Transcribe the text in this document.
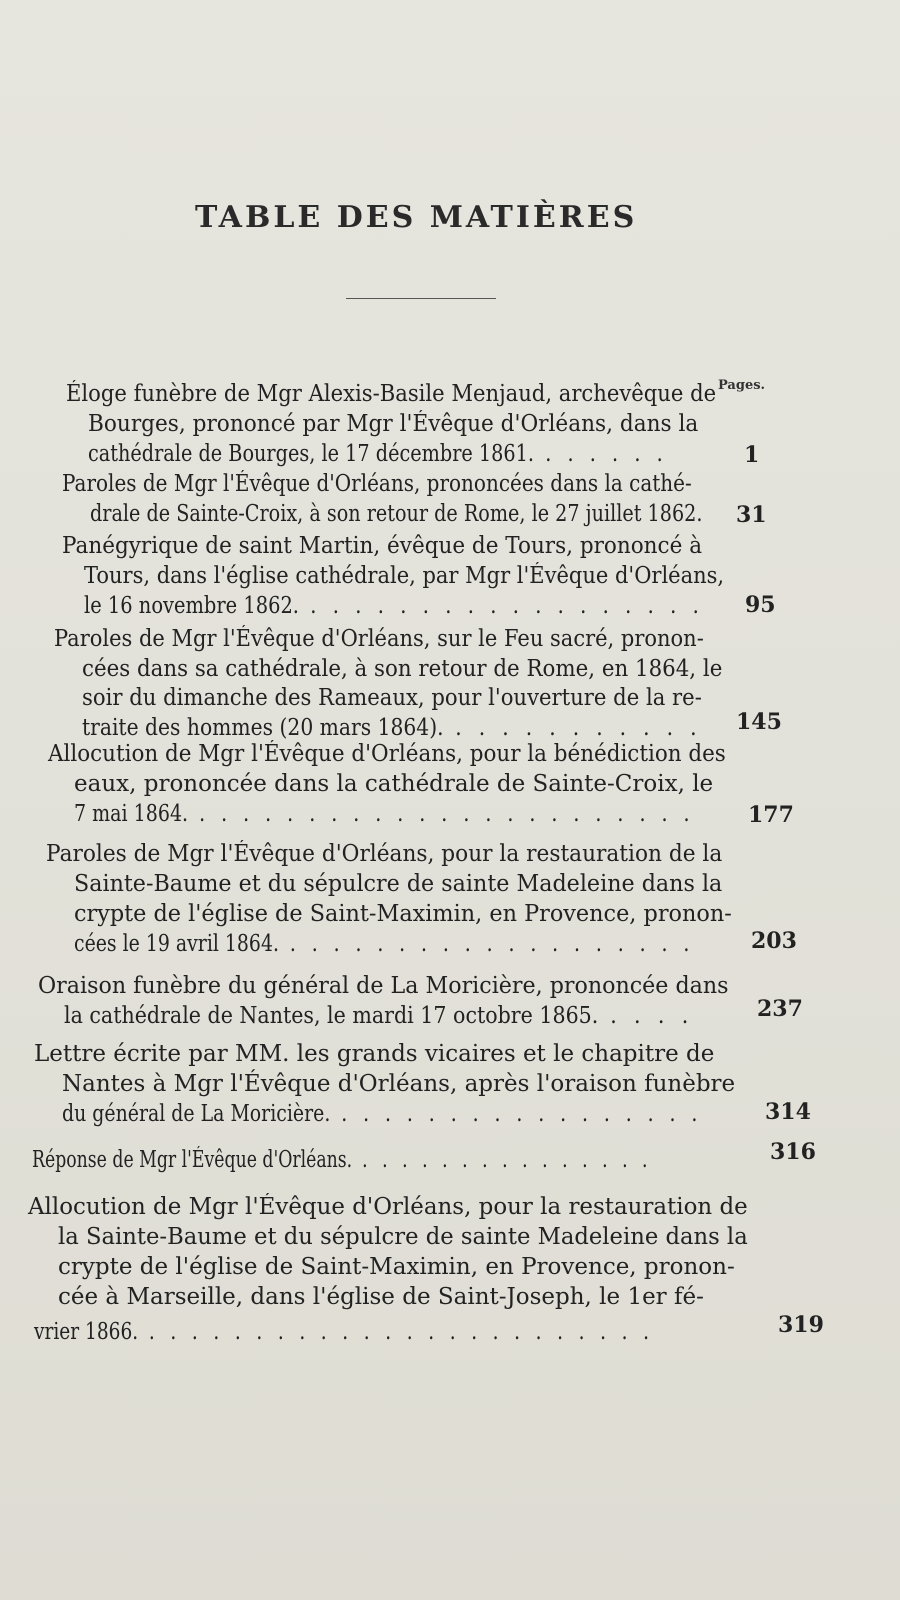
TABLE DES MATIÈRES
Pages.
Éloge funèbre de Mgr Alexis-Basile Menjaud, archevêque de
Bourges, prononcé par Mgr l'Évêque d'Orléans, dans la
cathédrale de Bourges, le 17 décembre 1861. . . . . . .	1
Paroles de Mgr l'Évêque d'Orléans, prononcées dans la cathé-
drale de Sainte-Croix, à son retour de Rome, le 27 juillet 1862. 31
Panégyrique de saint Martin, évêque de Tours, prononcé à
Tours, dans l'église cathédrale, par Mgr l'Évêque d'Orléans,
le 16 novembre 1862. . . . . . . . . . . . . . . . . . . 95
Paroles de Mgr l'Évêque d'Orléans, sur le Feu sacré, pronon-
cées dans sa cathédrale, à son retour de Rome, en 1864, le
soir du dimanche des Rameaux, pour l'ouverture de la re-
traite des hommes (20 mars 1864). . . . . . . . . . . . 145
Allocution de Mgr l'Évêque d'Orléans, pour la bénédiction des
eaux, prononcée dans la cathédrale de Sainte-Croix, le
7 mai 1864. . . . . . . . . . . . . . . . . . . . . . . . 177
Paroles de Mgr l'Évêque d'Orléans, pour la restauration de la
Sainte-Baume et du sépulcre de sainte Madeleine dans la
crypte de l'église de Saint-Maximin, en Provence, pronon-
cées le 19 avril 1864. . . . . . . . . . . . . . . . . . . .	203
Oraison funèbre du général de La Moricière, prononcée dans
la cathédrale de Nantes, le mardi 17 octobre 1865. . . . .	237
Lettre écrite par MM. les grands vicaires et le chapitre de
Nantes à Mgr l'Évêque d'Orléans, après l'oraison funèbre
du général de La Moricière. . . . . . . . . . . . . . . . . .	314
Réponse de Mgr l'Évêque d'Orléans. . . . . . . . . . . . . . . .	316
Allocution de Mgr l'Évêque d'Orléans, pour la restauration de
la Sainte-Baume et du sépulcre de sainte Madeleine dans la
crypte de l'église de Saint-Maximin, en Provence, pronon-
cée à Marseille, dans l'église de Saint-Joseph, le 1er fé-
vrier 1866. . . . . . . . . . . . . . . . . . . . . . . . .	319
